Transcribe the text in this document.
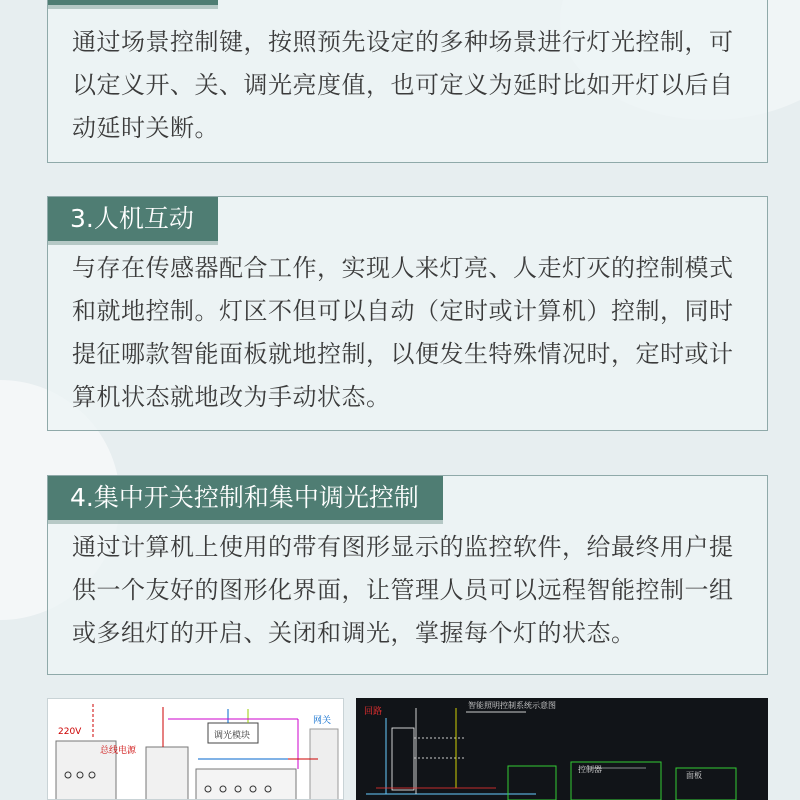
通过场景控制键，按照预先设定的多种场景进行灯光控制，可以定义开、关、调光亮度值，也可定义为延时比如开灯以后自动延时关断。
3.人机互动
与存在传感器配合工作，实现人来灯亮、人走灯灭的控制模式和就地控制。灯区不但可以自动（定时或计算机）控制，同时提征哪款智能面板就地控制，以便发生特殊情况时，定时或计算机状态就地改为手动状态。
4.集中开关控制和集中调光控制
通过计算机上使用的带有图形显示的监控软件，给最终用户提供一个友好的图形化界面，让管理人员可以远程智能控制一组或多组灯的开启、关闭和调光，掌握每个灯的状态。
220V
总线电源
网关
调光模块
回路
智能照明控制系统示意图
控制器
面板
